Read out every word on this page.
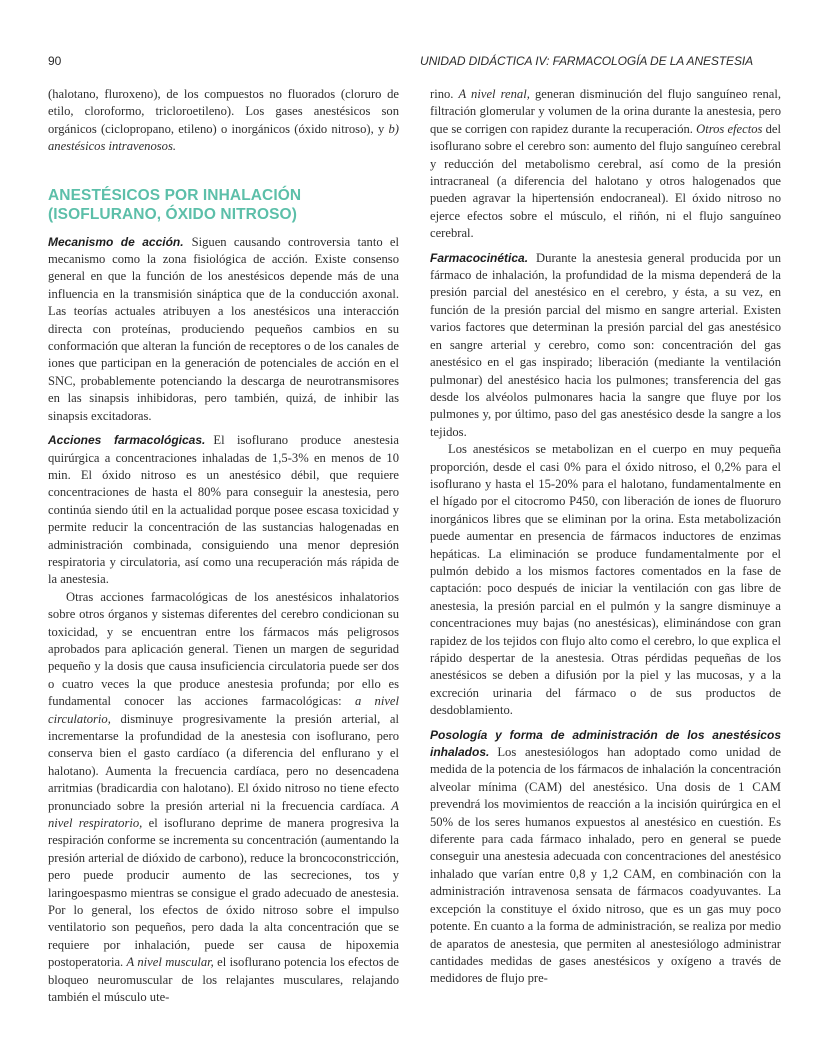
90	UNIDAD DIDÁCTICA IV: FARMACOLOGÍA DE LA ANESTESIA

(halotano, fluroxeno), de los compuestos no fluorados (cloruro de etilo, cloroformo, tricloroetileno). Los gases anestésicos son orgánicos (ciclopropano, etileno) o inorgánicos (óxido nitroso), y b) anestésicos intravenosos.

ANESTÉSICOS POR INHALACIÓN
(ISOFLURANO, ÓXIDO NITROSO)

Mecanismo de acción. Siguen causando controversia tanto el mecanismo como la zona fisiológica de acción. Existe consenso general en que la función de los anestésicos depende más de una influencia en la transmisión sináptica que de la conducción axonal. Las teorías actuales atribuyen a los anestésicos una interacción directa con proteínas, produciendo pequeños cambios en su conformación que alteran la función de receptores o de los canales de iones que participan en la generación de potenciales de acción en el SNC, probablemente potenciando la descarga de neurotransmisores en las sinapsis inhibidoras, pero también, quizá, de inhibir las sinapsis excitadoras.

Acciones farmacológicas. El isoflurano produce anestesia quirúrgica a concentraciones inhaladas de 1,5-3% en menos de 10 min. El óxido nitroso es un anestésico débil, que requiere concentraciones de hasta el 80% para conseguir la anestesia, pero continúa siendo útil en la actualidad porque posee escasa toxicidad y permite reducir la concentración de las sustancias halogenadas en administración combinada, consiguiendo una menor depresión respiratoria y circulatoria, así como una recuperación más rápida de la anestesia.

Otras acciones farmacológicas de los anestésicos inhalatorios sobre otros órganos y sistemas diferentes del cerebro condicionan su toxicidad, y se encuentran entre los fármacos más peligrosos aprobados para aplicación general. Tienen un margen de seguridad pequeño y la dosis que causa insuficiencia circulatoria puede ser dos o cuatro veces la que produce anestesia profunda; por ello es fundamental conocer las acciones farmacológicas: a nivel circulatorio, disminuye progresivamente la presión arterial, al incrementarse la profundidad de la anestesia con isoflurano, pero conserva bien el gasto cardíaco (a diferencia del enflurano y el halotano). Aumenta la frecuencia cardíaca, pero no desencadena arritmias (bradicardia con halotano). El óxido nitroso no tiene efecto pronunciado sobre la presión arterial ni la frecuencia cardíaca. A nivel respiratorio, el isoflurano deprime de manera progresiva la respiración conforme se incrementa su concentración (aumentando la presión arterial de dióxido de carbono), reduce la broncoconstricción, pero puede producir aumento de las secreciones, tos y laringoespasmo mientras se consigue el grado adecuado de anestesia. Por lo general, los efectos de óxido nitroso sobre el impulso ventilatorio son pequeños, pero dada la alta concentración que se requiere por inhalación, puede ser causa de hipoxemia postoperatoria. A nivel muscular, el isoflurano potencia los efectos de bloqueo neuromuscular de los relajantes musculares, relajando también el músculo ute-

rino. A nivel renal, generan disminución del flujo sanguíneo renal, filtración glomerular y volumen de la orina durante la anestesia, pero que se corrigen con rapidez durante la recuperación. Otros efectos del isoflurano sobre el cerebro son: aumento del flujo sanguíneo cerebral y reducción del metabolismo cerebral, así como de la presión intracraneal (a diferencia del halotano y otros halogenados que pueden agravar la hipertensión endocraneal). El óxido nitroso no ejerce efectos sobre el músculo, el riñón, ni el flujo sanguíneo cerebral.

Farmacocinética. Durante la anestesia general producida por un fármaco de inhalación, la profundidad de la misma dependerá de la presión parcial del anestésico en el cerebro, y ésta, a su vez, en función de la presión parcial del mismo en sangre arterial. Existen varios factores que determinan la presión parcial del gas anestésico en sangre arterial y cerebro, como son: concentración del gas anestésico en el gas inspirado; liberación (mediante la ventilación pulmonar) del anestésico hacia los pulmones; transferencia del gas desde los alvéolos pulmonares hacia la sangre que fluye por los pulmones y, por último, paso del gas anestésico desde la sangre a los tejidos.

Los anestésicos se metabolizan en el cuerpo en muy pequeña proporción, desde el casi 0% para el óxido nitroso, el 0,2% para el isoflurano y hasta el 15-20% para el halotano, fundamentalmente en el hígado por el citocromo P450, con liberación de iones de fluoruro inorgánicos libres que se eliminan por la orina. Esta metabolización puede aumentar en presencia de fármacos inductores de enzimas hepáticas. La eliminación se produce fundamentalmente por el pulmón debido a los mismos factores comentados en la fase de captación: poco después de iniciar la ventilación con gas libre de anestesia, la presión parcial en el pulmón y la sangre disminuye a concentraciones muy bajas (no anestésicas), eliminándose con gran rapidez de los tejidos con flujo alto como el cerebro, lo que explica el rápido despertar de la anestesia. Otras pérdidas pequeñas de los anestésicos se deben a difusión por la piel y las mucosas, y a la excreción urinaria del fármaco o de sus productos de desdoblamiento.

Posología y forma de administración de los anestésicos inhalados. Los anestesiólogos han adoptado como unidad de medida de la potencia de los fármacos de inhalación la concentración alveolar mínima (CAM) del anestésico. Una dosis de 1 CAM prevendrá los movimientos de reacción a la incisión quirúrgica en el 50% de los seres humanos expuestos al anestésico en cuestión. Es diferente para cada fármaco inhalado, pero en general se puede conseguir una anestesia adecuada con concentraciones del anestésico inhalado que varían entre 0,8 y 1,2 CAM, en combinación con la administración intravenosa sensata de fármacos coadyuvantes. La excepción la constituye el óxido nitroso, que es un gas muy poco potente. En cuanto a la forma de administración, se realiza por medio de aparatos de anestesia, que permiten al anestesiólogo administrar cantidades medidas de gases anestésicos y oxígeno a través de medidores de flujo pre-
